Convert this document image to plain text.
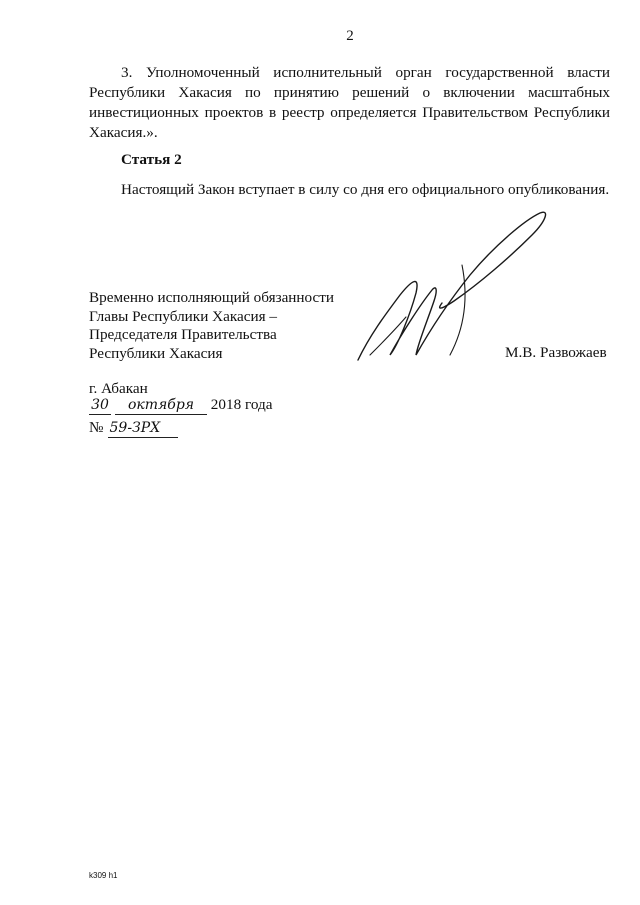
2

3. Уполномоченный исполнительный орган государственной власти Республики Хакасия по принятию решений о включении масштабных инвестиционных проектов в реестр определяется Правительством Республики Хакасия.».

Статья 2

Настоящий Закон вступает в силу со дня его официального опубликования.

Временно исполняющий обязанности
Главы Республики Хакасия –
Председателя Правительства
Республики Хакасия	М.В. Развожаев
г. Абакан
30 октября 2018 года
№ 59-ЗРХ
k309 h1
